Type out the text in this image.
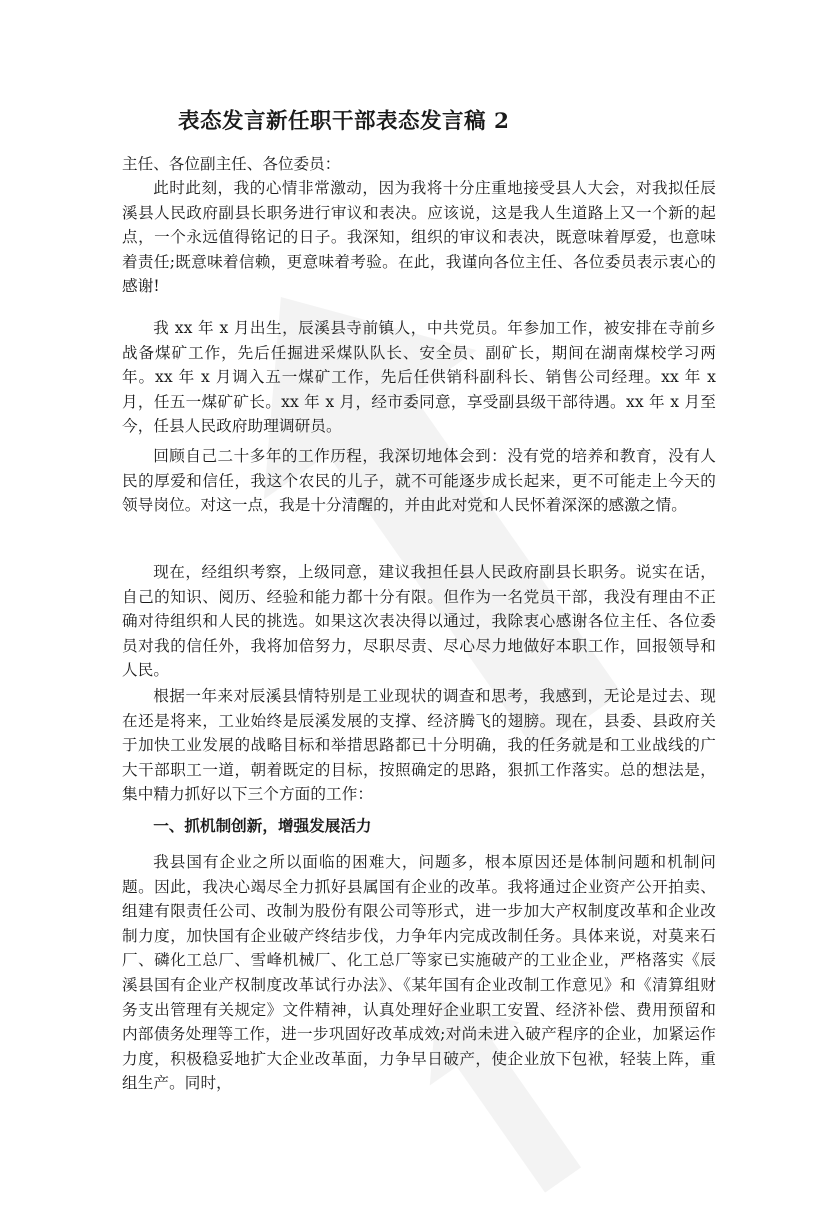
表态发言新任职干部表态发言稿 2
主任、各位副主任、各位委员：

此时此刻，我的心情非常激动，因为我将十分庄重地接受县人大会，对我拟任辰溪县人民政府副县长职务进行审议和表决。应该说，这是我人生道路上又一个新的起点，一个永远值得铭记的日子。我深知，组织的审议和表决，既意味着厚爱，也意味着责任;既意味着信赖，更意味着考验。在此，我谨向各位主任、各位委员表示衷心的感谢!

我 xx 年 x 月出生，辰溪县寺前镇人，中共党员。年参加工作，被安排在寺前乡战备煤矿工作，先后任掘进采煤队队长、安全员、副矿长，期间在湖南煤校学习两年。xx 年 x 月调入五一煤矿工作，先后任供销科副科长、销售公司经理。xx 年 x 月，任五一煤矿矿长。xx 年 x 月，经市委同意，享受副县级干部待遇。xx 年 x 月至今，任县人民政府助理调研员。

回顾自己二十多年的工作历程，我深切地体会到：没有党的培养和教育，没有人民的厚爱和信任，我这个农民的儿子，就不可能逐步成长起来，更不可能走上今天的领导岗位。对这一点，我是十分清醒的，并由此对党和人民怀着深深的感激之情。

现在，经组织考察，上级同意，建议我担任县人民政府副县长职务。说实在话，自己的知识、阅历、经验和能力都十分有限。但作为一名党员干部，我没有理由不正确对待组织和人民的挑选。如果这次表决得以通过，我除衷心感谢各位主任、各位委员对我的信任外，我将加倍努力，尽职尽责、尽心尽力地做好本职工作，回报领导和人民。

根据一年来对辰溪县情特别是工业现状的调查和思考，我感到，无论是过去、现在还是将来，工业始终是辰溪发展的支撑、经济腾飞的翅膀。现在，县委、县政府关于加快工业发展的战略目标和举措思路都已十分明确，我的任务就是和工业战线的广大干部职工一道，朝着既定的目标，按照确定的思路，狠抓工作落实。总的想法是，集中精力抓好以下三个方面的工作：

一、抓机制创新，增强发展活力

我县国有企业之所以面临的困难大，问题多，根本原因还是体制问题和机制问题。因此，我决心竭尽全力抓好县属国有企业的改革。我将通过企业资产公开拍卖、组建有限责任公司、改制为股份有限公司等形式，进一步加大产权制度改革和企业改制力度，加快国有企业破产终结步伐，力争年内完成改制任务。具体来说，对莫来石厂、磷化工总厂、雪峰机械厂、化工总厂等家已实施破产的工业企业，严格落实《辰溪县国有企业产权制度改革试行办法》、《某年国有企业改制工作意见》和《清算组财务支出管理有关规定》文件精神，认真处理好企业职工安置、经济补偿、费用预留和内部债务处理等工作，进一步巩固好改革成效;对尚未进入破产程序的企业，加紧运作力度，积极稳妥地扩大企业改革面，力争早日破产，使企业放下包袱，轻装上阵，重组生产。同时，
